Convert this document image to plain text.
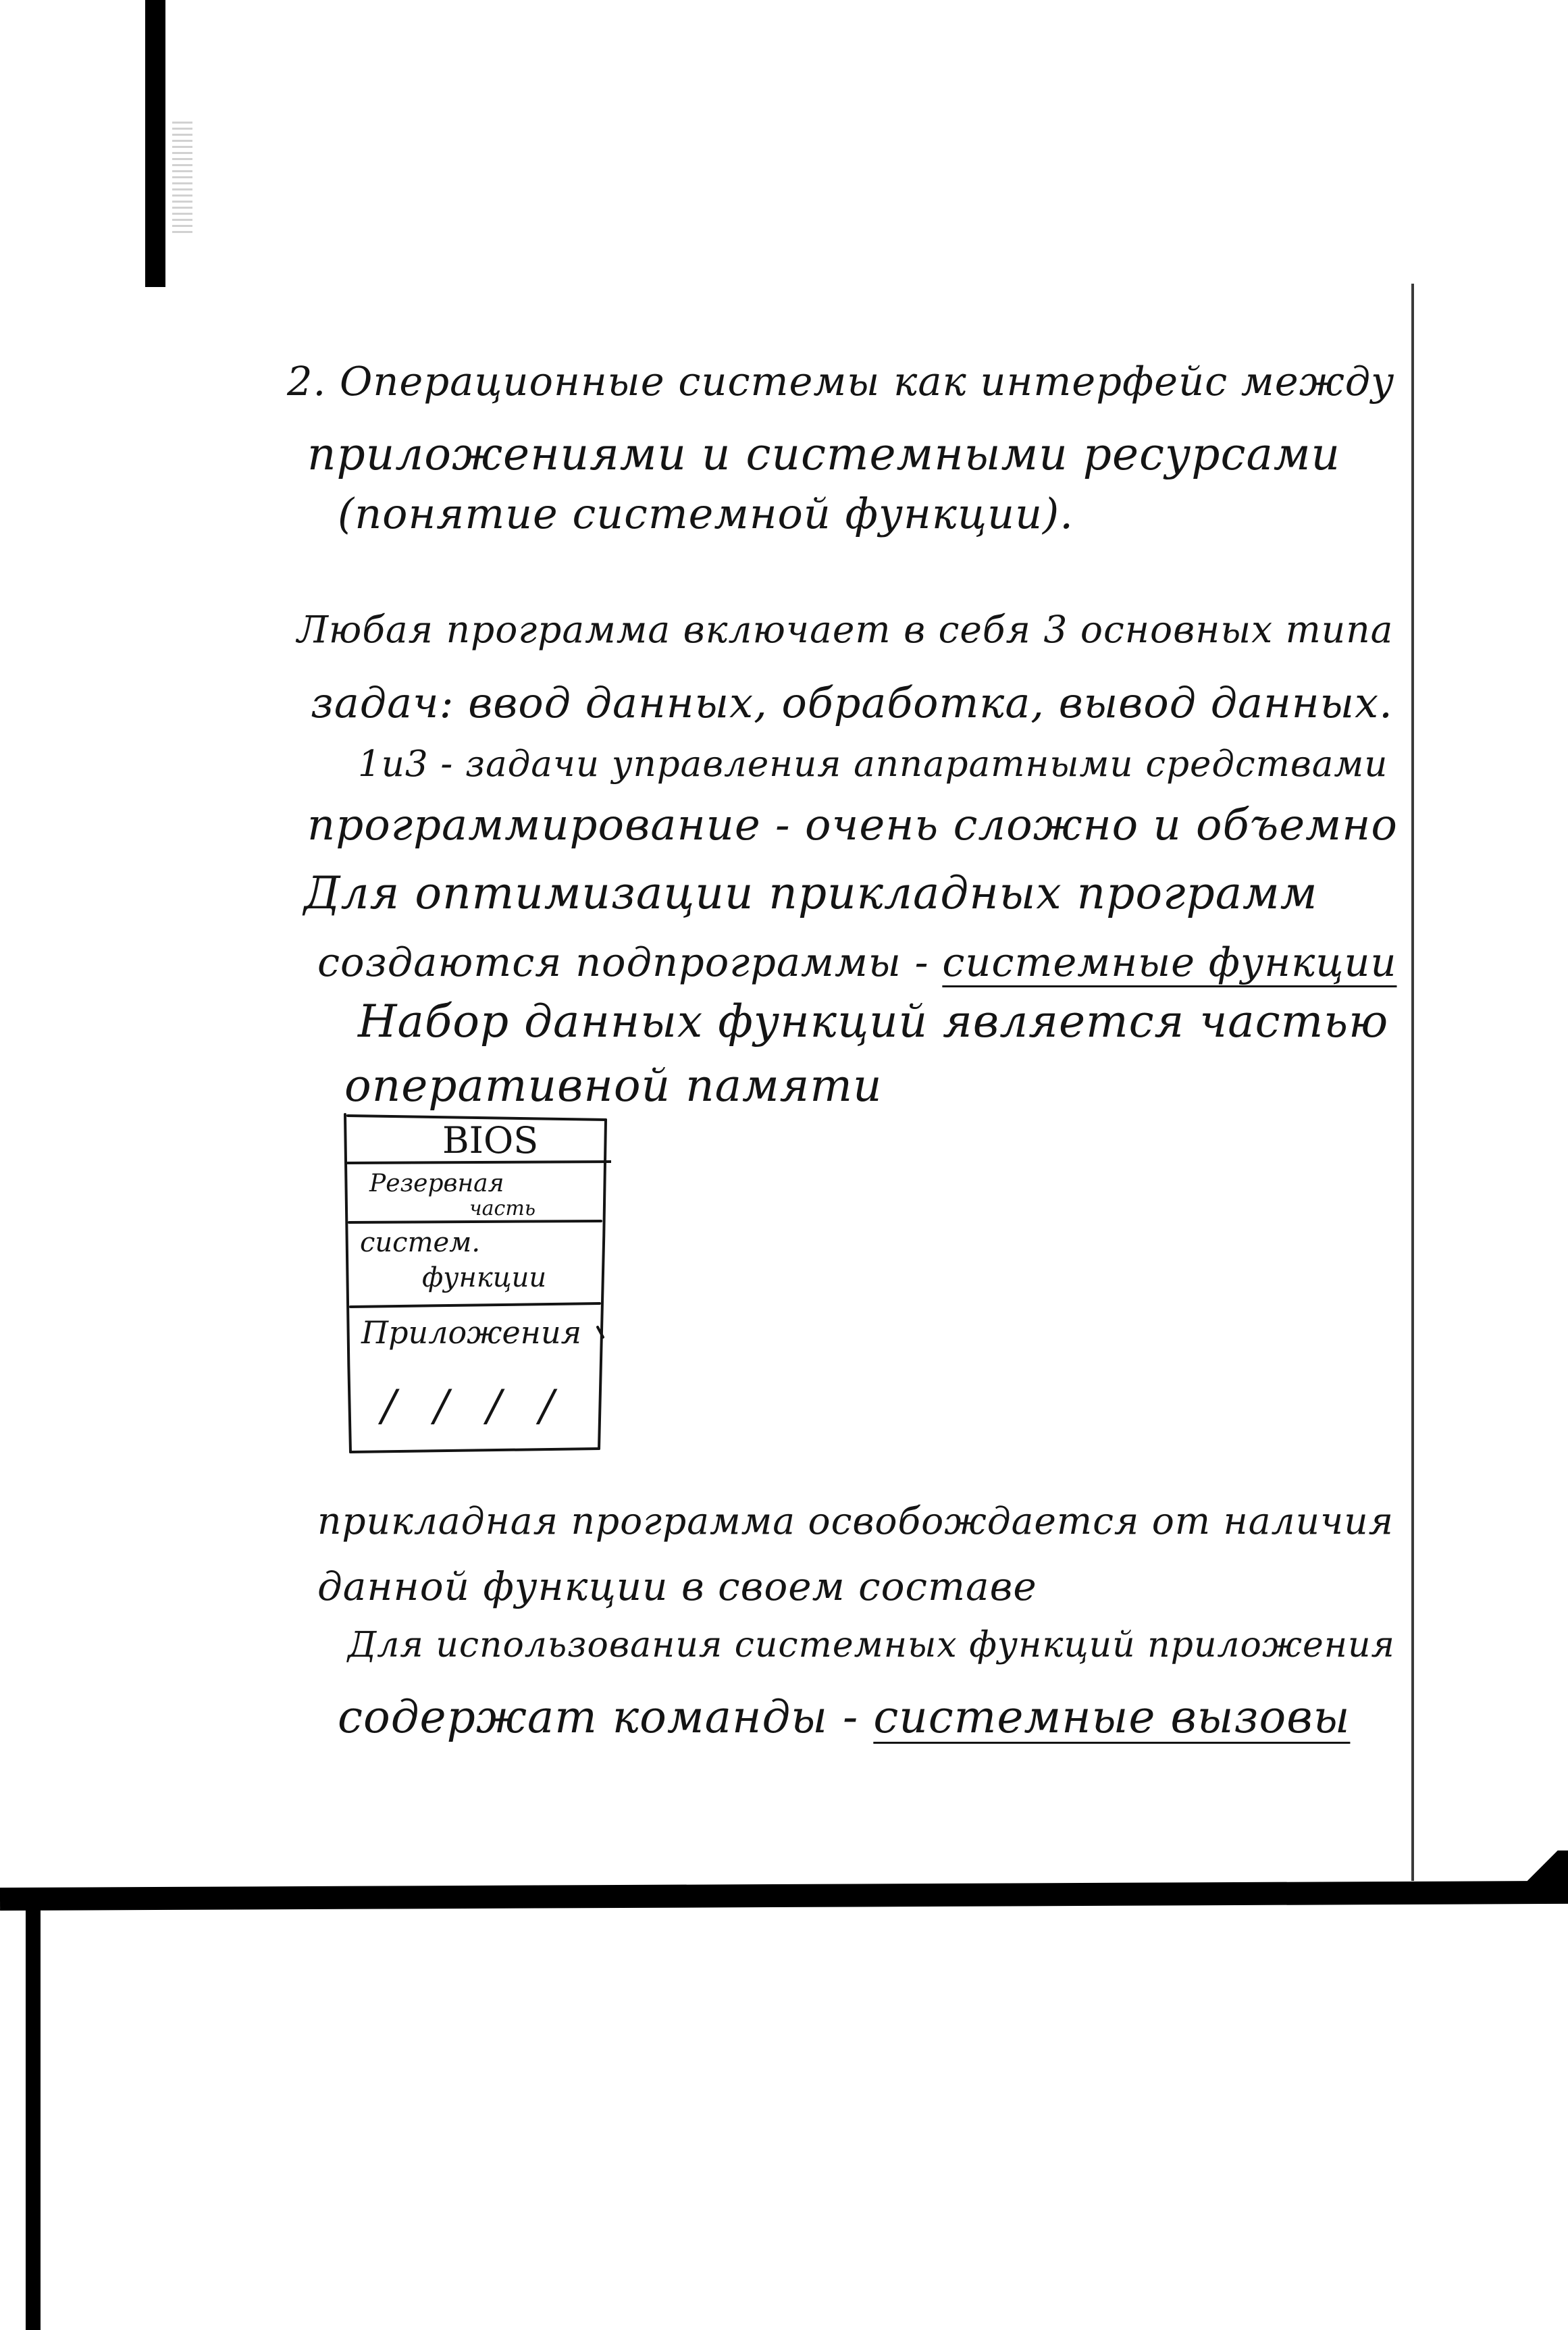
2. Операционные системы как интерфейс между

приложениями и системными ресурсами

(понятие системной функции).

Любая программа включает в себя 3 основных типа

задач: ввод данных, обработка, вывод данных.

1и3 - задачи управления аппаратными средствами

программирование - очень сложно и объемно

Для оптимизации прикладных программ

создаются подпрограммы - системные функции

Набор данных функций является частью

оперативной памяти

BIOS

Резервная

часть

систем.

функции

Приложения

/ / / /

прикладная программа освобождается от наличия

данной функции в своем составе

Для использования системных функций приложения

содержат команды - системные вызовы
